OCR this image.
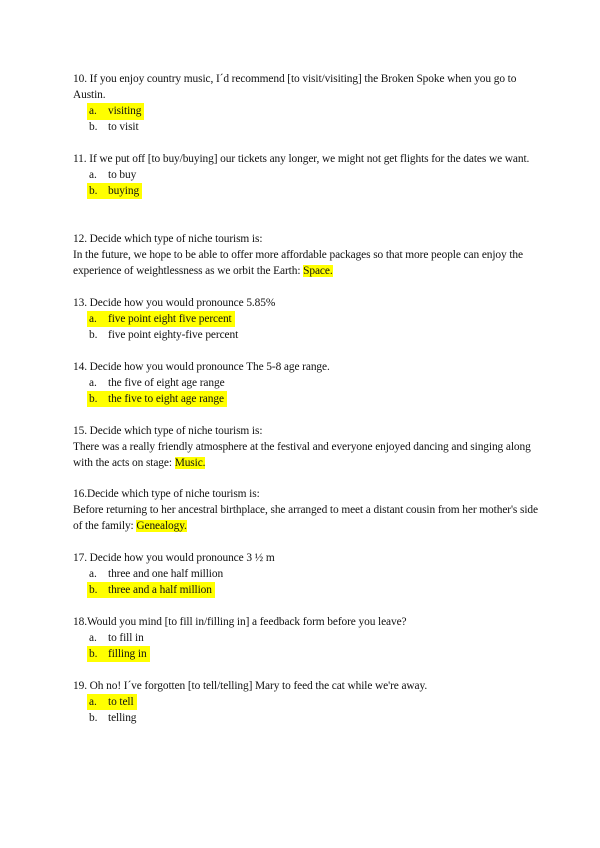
10. If you enjoy country music, I´d recommend [to visit/visiting] the Broken Spoke when you go to Austin.

a. visiting
b. to visit

11. If we put off [to buy/buying] our tickets any longer, we might not get flights for the dates we want.

a. to buy
b. buying

12. Decide which type of niche tourism is:

In the future, we hope to be able to offer more affordable packages so that more people can enjoy the experience of weightlessness as we orbit the Earth: Space.

13. Decide how you would pronounce 5.85%

a. five point eight five percent
b. five point eighty-five percent

14. Decide how you would pronounce The 5-8 age range.

a. the five of eight age range
b. the five to eight age range

15. Decide which type of niche tourism is:

There was a really friendly atmosphere at the festival and everyone enjoyed dancing and singing along with the acts on stage: Music.

16.Decide which type of niche tourism is:

Before returning to her ancestral birthplace, she arranged to meet a distant cousin from her mother's side of the family: Genealogy.

17. Decide how you would pronounce 3 ½ m

a. three and one half million
b. three and a half million

18.Would you mind [to fill in/filling in] a feedback form before you leave?

a. to fill in
b. filling in

19. Oh no! I´ve forgotten [to tell/telling] Mary to feed the cat while we're away.

a. to tell
b. telling
